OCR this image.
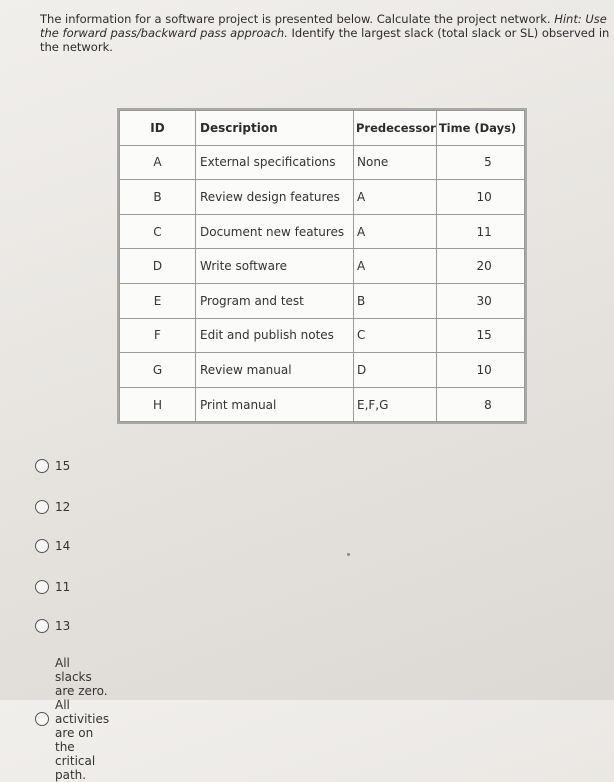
The information for a software project is presented below. Calculate the project network. Hint: Use the forward pass/backward pass approach. Identify the largest slack (total slack or SL) observed in the network.

ID	Description	Predecessor	Time (Days)
A	External specifications	None	5
B	Review design features	A	10
C	Document new features	A	11
D	Write software	A	20
E	Program and test	B	30
F	Edit and publish notes	C	15
G	Review manual	D	10
H	Print manual	E,F,G	8
15
12
14
11
13
All slacks are zero. All activities are on the critical path.
